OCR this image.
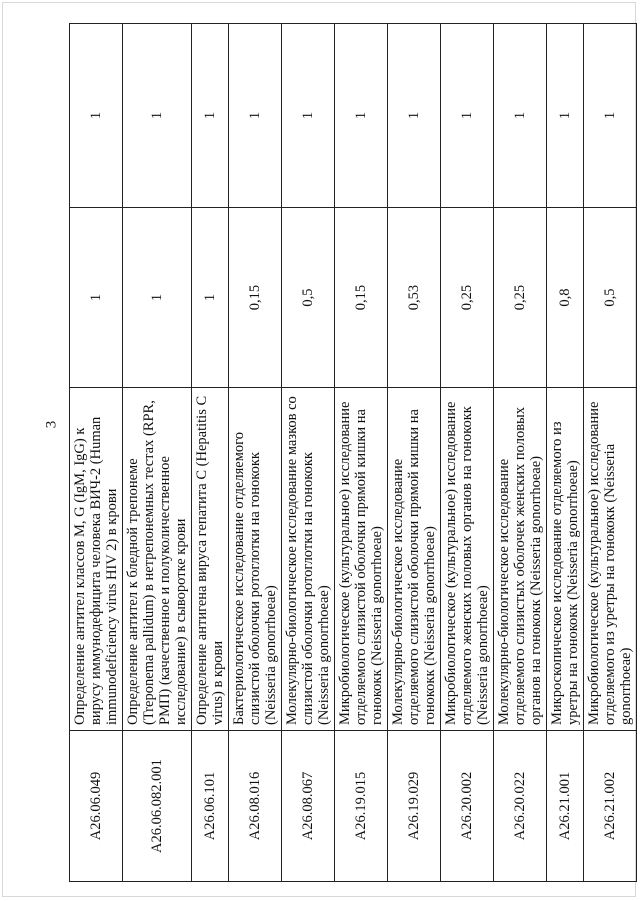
3
A26.06.049	Определение антител классов M, G (IgM, IgG) к вирусу иммунодефицита человека ВИЧ-2 (Human immunodeficiency virus HIV 2) в крови	1	1
A26.06.082.001	Определение антител к бледной трепонеме (Treponema pallidum) в нетрепонемных тестах (RPR, PMП) (качественное и полуколичественное исследование) в сыворотке крови	1	1
A26.06.101	Определение антигена вируса гепатита C (Hepatitis C virus) в крови	1	1
A26.08.016	Бактериологическое исследование отделяемого слизистой оболочки ротоглотки на гонококк (Neisseria gonorrhoeae)	0,15	1
A26.08.067	Молекулярно-биологическое исследование мазков со слизистой оболочки ротоглотки на гонококк (Neisseria gonorrhoeae)	0,5	1
A26.19.015	Микробиологическое (культуральное) исследование отделяемого слизистой оболочки прямой кишки на гонококк (Neisseria gonorrhoeae)	0,15	1
A26.19.029	Молекулярно-биологическое исследование отделяемого слизистой оболочки прямой кишки на гонококк (Neisseria gonorrhoeae)	0,53	1
A26.20.002	Микробиологическое (культуральное) исследование отделяемого женских половых органов на гонококк (Neisseria gonorrhoeae)	0,25	1
A26.20.022	Молекулярно-биологическое исследование отделяемого слизистых оболочек женских половых органов на гонококк (Neisseria gonorrhoeae)	0,25	1
A26.21.001	Микроскопическое исследование отделяемого из уретры на гонококк (Neisseria gonorrhoeae)	0,8	1
A26.21.002	Микробиологическое (культуральное) исследование отделяемого из уретры на гонококк (Neisseria gonorrhoeae)	0,5	1
